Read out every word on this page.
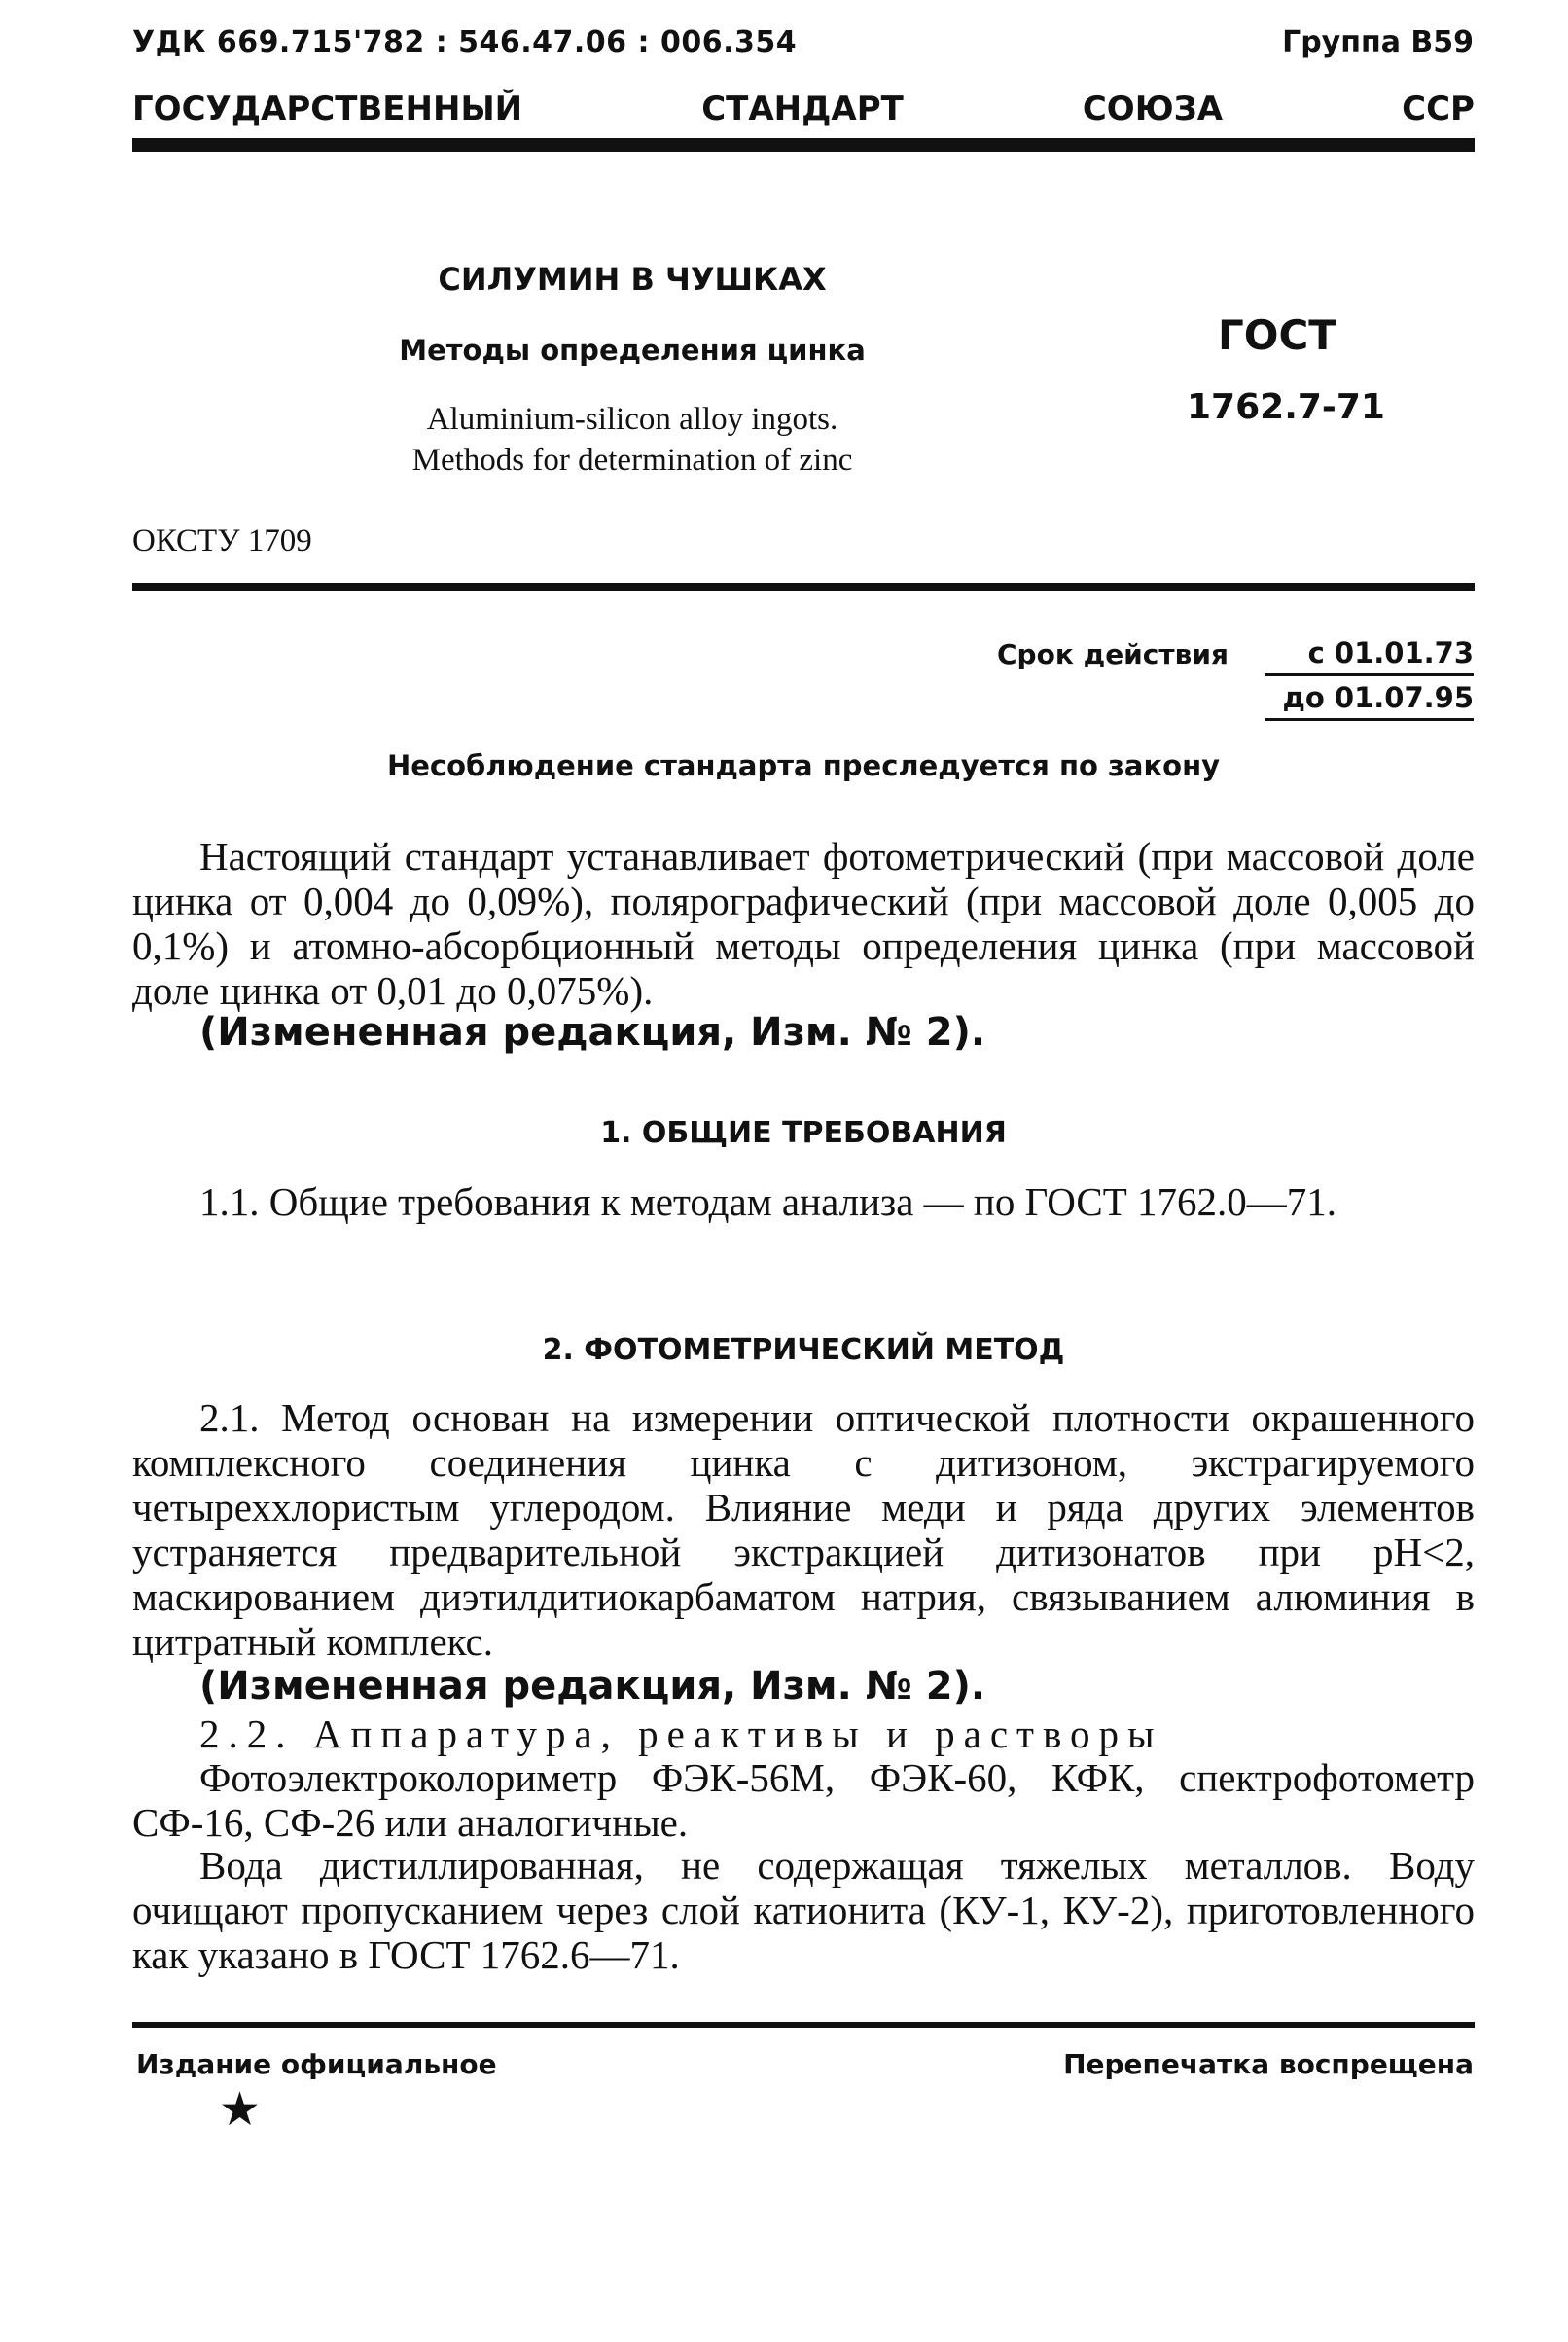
УДК 669.715'782 : 546.47.06 : 006.354	Группа В59
ГОСУДАРСТВЕННЫЙ	СТАНДАРТ	СОЮЗА	ССР
СИЛУМИН В ЧУШКАХ
Методы определения цинка
Aluminium-silicon alloy ingots.
Methods for determination of zinc
ГОСТ
1762.7-71
ОКСТУ 1709
Срок действия	с 01.01.73
до 01.07.95
Несоблюдение стандарта преследуется по закону
Настоящий стандарт устанавливает фотометрический (при массовой доле цинка от 0,004 до 0,09%), полярографический (при массовой доле 0,005 до 0,1%) и атомно-абсорбционный методы определения цинка (при массовой доле цинка от 0,01 до 0,075%).
(Измененная редакция, Изм. № 2).
1. ОБЩИЕ ТРЕБОВАНИЯ
1.1. Общие требования к методам анализа — по ГОСТ 1762.0—71.
2. ФОТОМЕТРИЧЕСКИЙ МЕТОД
2.1. Метод основан на измерении оптической плотности окрашенного комплексного соединения цинка с дитизоном, экстрагируемого четыреххлористым углеродом. Влияние меди и ряда других элементов устраняется предварительной экстракцией дитизонатов при pH<2, маскированием диэтилдитиокарбаматом натрия, связыванием алюминия в цитратный комплекс.
(Измененная редакция, Изм. № 2).
2.2. Аппаратура, реактивы и растворы
Фотоэлектроколориметр ФЭК-56М, ФЭК-60, КФК, спектрофотометр СФ-16, СФ-26 или аналогичные.
Вода дистиллированная, не содержащая тяжелых металлов. Воду очищают пропусканием через слой катионита (КУ-1, КУ-2), приготовленного как указано в ГОСТ 1762.6—71.
Издание официальное	Перепечатка воспрещена
★
